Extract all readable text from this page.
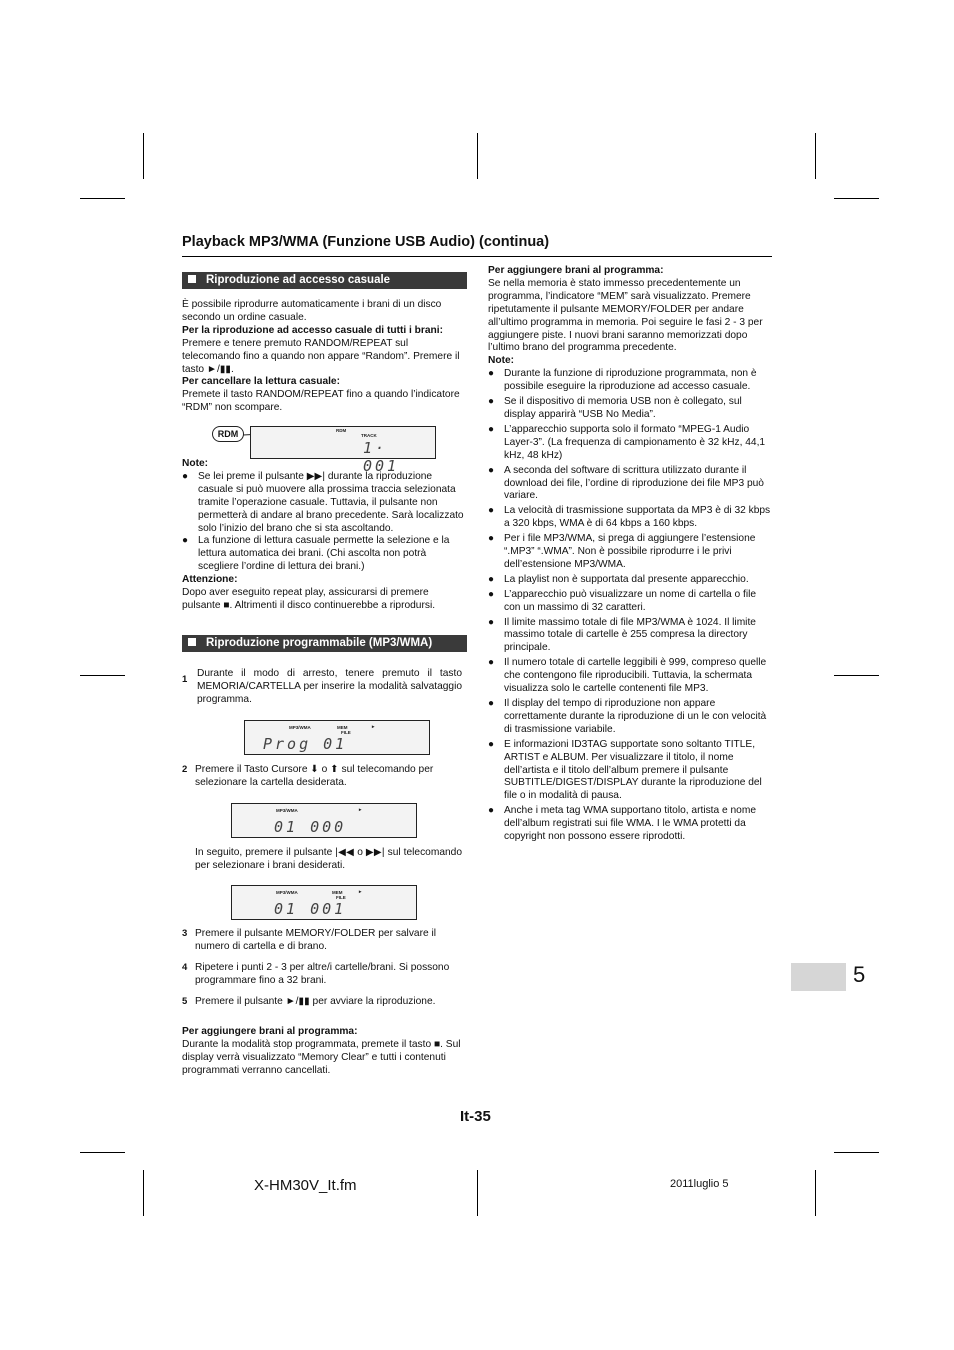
Playback MP3/WMA (Funzione USB Audio) (continua)
Riproduzione ad accesso casuale

È possibile riprodurre automaticamente i brani di un disco secondo un ordine casuale.

Per la riproduzione ad accesso casuale di tutti i brani:

Premere e tenere premuto RANDOM/REPEAT sul telecomando fino a quando non appare “Random”. Premere il tasto ►/▮▮.

Per cancellare la lettura casuale:

Premete il tasto RANDOM/REPEAT fino a quando l’indicatore “RDM” non scompare.

RDM	RDM
TRACK
1· 001

Note:

● Se lei preme il pulsante ▶▶| durante la riproduzione casuale si può muovere alla prossima traccia selezionata tramite l’operazione casuale. Tuttavia, il pulsante non permetterà di andare al brano precedente. Sarà localizzato solo l’inizio del brano che si sta ascoltando.
● La funzione di lettura casuale permette la selezione e la lettura automatica dei brani. (Chi ascolta non potrà scegliere l’ordine di lettura dei brani.)

Attenzione:

Dopo aver eseguito repeat play, assicurarsi di premere pulsante ■. Altrimenti il disco continuerebbe a riprodursi.

Riproduzione programmabile (MP3/WMA)
1
Durante il modo di arresto, tenere premuto il tasto MEMORIA/CARTELLA per inserire la modalità salvataggio programma.
MP3/WMA	MEM
FILE
►
Prog 01
2 Premere il Tasto Cursore ⬇ o ⬆ sul telecomando per selezionare la cartella desiderata.
MP3/WMA	►
01 000

In seguito, premere il pulsante |◀◀ o ▶▶| sul telecomando per selezionare i brani desiderati.

MP3/WMA	MEM
FILE
►
01 001
3 Premere il pulsante MEMORY/FOLDER per salvare il numero di cartella e di brano.
4 Ripetere i punti 2 - 3 per altre/i cartelle/brani. Si possono programmare fino a 32 brani.
5 Premere il pulsante ►/▮▮ per avviare la riproduzione.

Per aggiungere brani al programma:

Durante la modalità stop programmata, premete il tasto ■. Sul display verrà visualizzato “Memory Clear” e tutti i contenuti programmati verranno cancellati.

Per aggiungere brani al programma:

Se nella memoria è stato immesso precedentemente un programma, l’indicatore “MEM” sarà visualizzato. Premere ripetutamente il pulsante MEMORY/FOLDER per andare all’ultimo programma in memoria. Poi seguire le fasi 2 - 3 per aggiungere piste. I nuovi brani saranno memorizzati dopo l’ultimo brano del programma precedente.

Note:

● Durante la funzione di riproduzione programmata, non è possibile eseguire la riproduzione ad accesso casuale.
● Se il dispositivo di memoria USB non è collegato, sul display apparirà “USB No Media”.
● L’apparecchio supporta solo il formato “MPEG-1 Audio Layer-3”. (La frequenza di campionamento è 32 kHz, 44,1 kHz, 48 kHz)
● A seconda del software di scrittura utilizzato durante il download dei file, l’ordine di riproduzione dei file MP3 può variare.
● La velocità di trasmissione supportata da MP3 è di 32 kbps a 320 kbps, WMA è di 64 kbps a 160 kbps.
● Per i file MP3/WMA, si prega di aggiungere l’estensione “.MP3” “.WMA”. Non è possibile riprodurre i le privi dell’estensione MP3/WMA.
● La playlist non è supportata dal presente apparecchio.
● L’apparecchio può visualizzare un nome di cartella o file con un massimo di 32 caratteri.
● Il limite massimo totale di file MP3/WMA è 1024. Il limite massimo totale di cartelle è 255 compresa la directory principale.
● Il numero totale di cartelle leggibili è 999, compreso quelle che contengono file riproducibili. Tuttavia, la schermata visualizza solo le cartelle contenenti file MP3.
● Il display del tempo di riproduzione non appare correttamente durante la riproduzione di un le con velocità di trasmissione variabile.
● E informazioni ID3TAG supportate sono soltanto TITLE, ARTIST e ALBUM. Per visualizzare il titolo, il nome dell’artista e il titolo dell’album premere il pulsante SUBTITLE/DIGEST/DISPLAY durante la riproduzione del file o in modalità di pausa.
● Anche i meta tag WMA supportano titolo, artista e nome dell’album registrati sui file WMA. I le WMA protetti da copyright non possono essere riprodotti.
5
It-35
X-HM30V_It.fm	2011luglio 5
